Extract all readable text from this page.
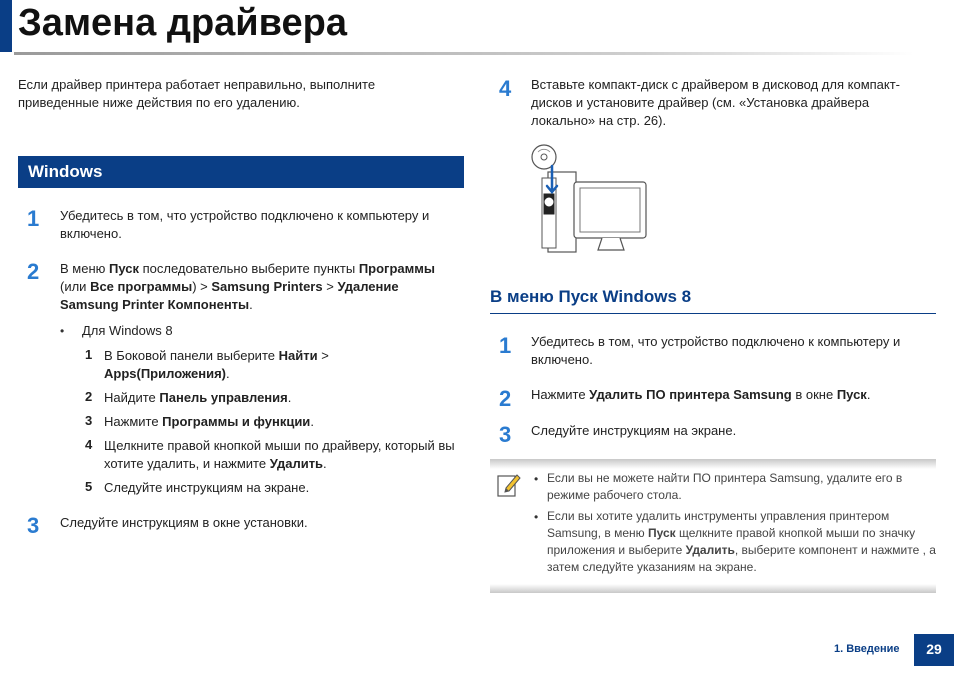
Замена драйвера
Если драйвер принтера работает неправильно, выполните приведенные ниже действия по его удалению.
Windows
1 Убедитесь в том, что устройство подключено к компьютеру и включено.
2 В меню Пуск последовательно выберите пункты Программы (или Все программы) > Samsung Printers > Удаление Samsung Printer Компоненты.
• Для Windows 8
1 В Боковой панели выберите Найти > Apps(Приложения).
2 Найдите Панель управления.
3 Нажмите Программы и функции.
4 Щелкните правой кнопкой мыши по драйверу, который вы хотите удалить, и нажмите Удалить.
5 Следуйте инструкциям на экране.
3 Следуйте инструкциям в окне установки.
4 Вставьте компакт-диск с драйвером в дисковод для компакт-дисков и установите драйвер (см. «Установка драйвера локально» на стр. 26).
В меню Пуск Windows 8
1 Убедитесь в том, что устройство подключено к компьютеру и включено.
2 Нажмите Удалить ПО принтера Samsung в окне Пуск.
3 Следуйте инструкциям на экране.
• Если вы не можете найти ПО принтера Samsung, удалите его в режиме рабочего стола.
• Если вы хотите удалить инструменты управления принтером Samsung, в меню Пуск щелкните правой кнопкой мыши по значку приложения и выберите Удалить, выберите компонент и нажмите , а затем следуйте указаниям на экране.
1. Введение	29
